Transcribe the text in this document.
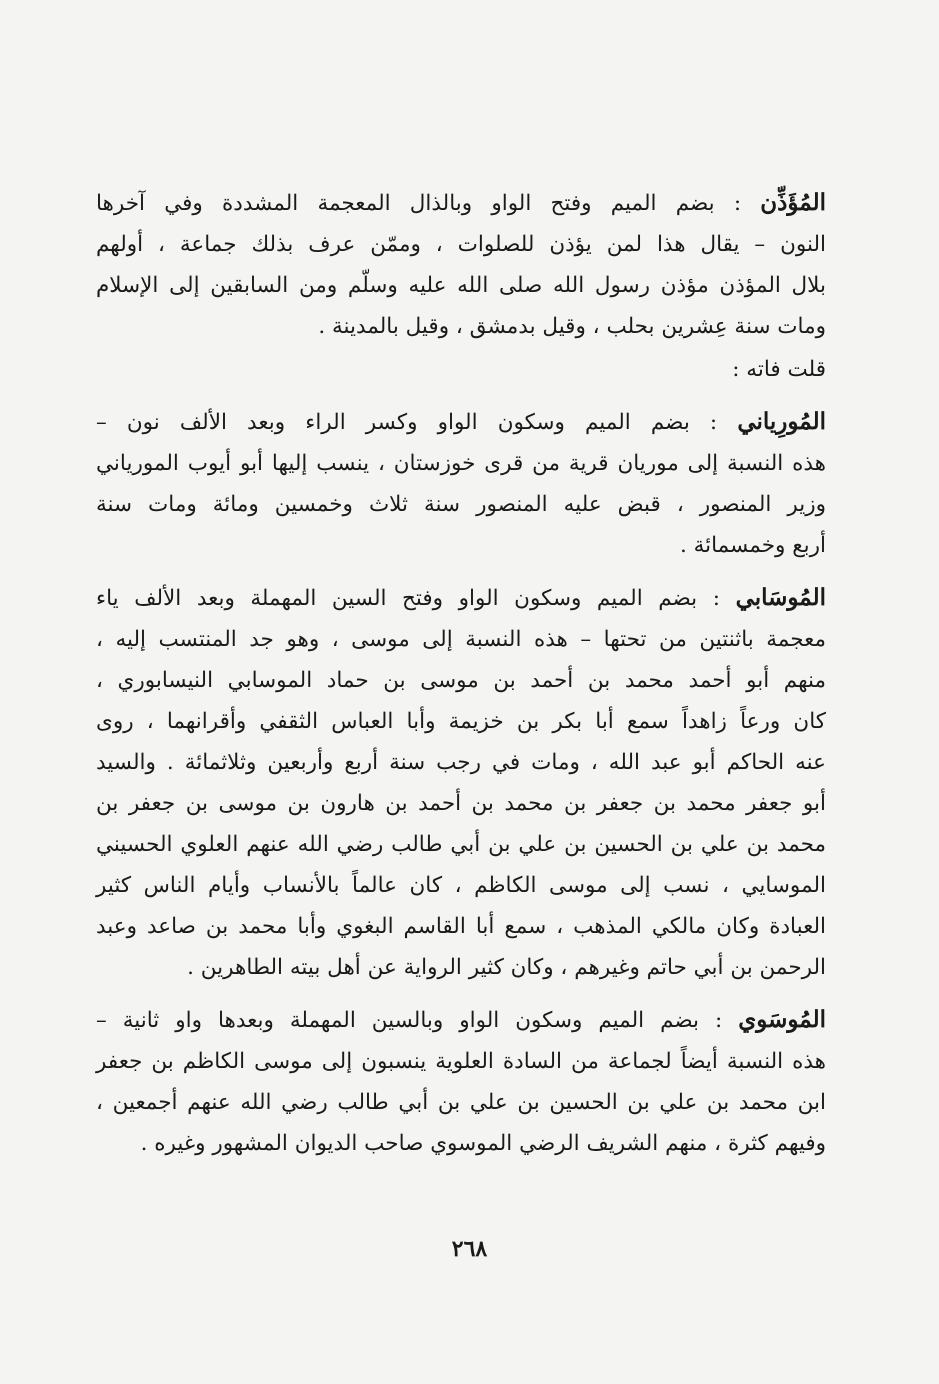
المُؤَذِّن : بضم الميم وفتح الواو وبالذال المعجمة المشددة وفي آخرها
النون – يقال هذا لمن يؤذن للصلوات ، وممّن عرف بذلك جماعة ، أولهم
بلال المؤذن مؤذن رسول الله صلى الله عليه وسلّم ومن السابقين إلى الإسلام
ومات سنة عِشرين بحلب ، وقيل بدمشق ، وقيل بالمدينة .
قلت فاته :

المُورِياني : بضم الميم وسكون الواو وكسر الراء وبعد الألف نون –
هذه النسبة إلى موريان قرية من قرى خوزستان ، ينسب إليها أبو أيوب المورياني
وزير المنصور ، قبض عليه المنصور سنة ثلاث وخمسين ومائة ومات سنة
أربع وخمسمائة .

المُوسَابي : بضم الميم وسكون الواو وفتح السين المهملة وبعد الألف ياء
معجمة باثنتين من تحتها – هذه النسبة إلى موسى ، وهو جد المنتسب إليه ،
منهم أبو أحمد محمد بن أحمد بن موسى بن حماد الموسابي النيسابوري ،
كان ورعاً زاهداً سمع أبا بكر بن خزيمة وأبا العباس الثقفي وأقرانهما ، روى
عنه الحاكم أبو عبد الله ، ومات في رجب سنة أربع وأربعين وثلاثمائة . والسيد
أبو جعفر محمد بن جعفر بن محمد بن أحمد بن هارون بن موسى بن جعفر بن
محمد بن علي بن الحسين بن علي بن أبي طالب رضي الله عنهم العلوي الحسيني
الموسايي ، نسب إلى موسى الكاظم ، كان عالماً بالأنساب وأيام الناس كثير
العبادة وكان مالكي المذهب ، سمع أبا القاسم البغوي وأبا محمد بن صاعد وعبد
الرحمن بن أبي حاتم وغيرهم ، وكان كثير الرواية عن أهل بيته الطاهرين .

المُوسَوي : بضم الميم وسكون الواو وبالسين المهملة وبعدها واو ثانية –
هذه النسبة أيضاً لجماعة من السادة العلوية ينسبون إلى موسى الكاظم بن جعفر
ابن محمد بن علي بن الحسين بن علي بن أبي طالب رضي الله عنهم أجمعين ،
وفيهم كثرة ، منهم الشريف الرضي الموسوي صاحب الديوان المشهور وغيره .

٢٦٨
